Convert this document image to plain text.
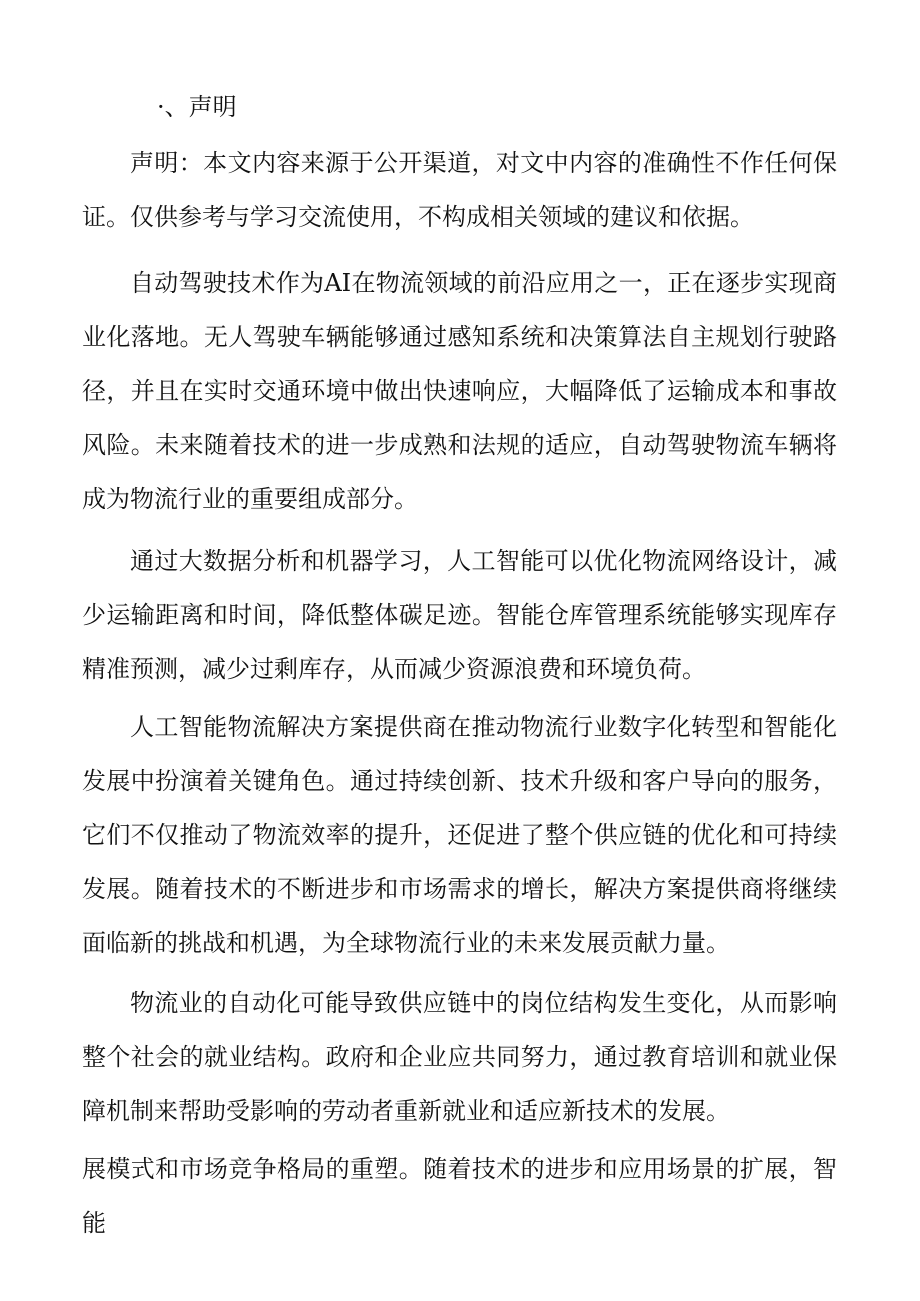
·、声明

声明：本文内容来源于公开渠道，对文中内容的准确性不作任何保证。仅供参考与学习交流使用，不构成相关领域的建议和依据。

自动驾驶技术作为AI在物流领域的前沿应用之一，正在逐步实现商业化落地。无人驾驶车辆能够通过感知系统和决策算法自主规划行驶路径，并且在实时交通环境中做出快速响应，大幅降低了运输成本和事故风险。未来随着技术的进一步成熟和法规的适应，自动驾驶物流车辆将成为物流行业的重要组成部分。

通过大数据分析和机器学习，人工智能可以优化物流网络设计，减少运输距离和时间，降低整体碳足迹。智能仓库管理系统能够实现库存精准预测，减少过剩库存，从而减少资源浪费和环境负荷。

人工智能物流解决方案提供商在推动物流行业数字化转型和智能化发展中扮演着关键角色。通过持续创新、技术升级和客户导向的服务，它们不仅推动了物流效率的提升，还促进了整个供应链的优化和可持续发展。随着技术的不断进步和市场需求的增长，解决方案提供商将继续面临新的挑战和机遇，为全球物流行业的未来发展贡献力量。

物流业的自动化可能导致供应链中的岗位结构发生变化，从而影响整个社会的就业结构。政府和企业应共同努力，通过教育培训和就业保障机制来帮助受影响的劳动者重新就业和适应新技术的发展。

展模式和市场竞争格局的重塑。随着技术的进步和应用场景的扩展，智能
